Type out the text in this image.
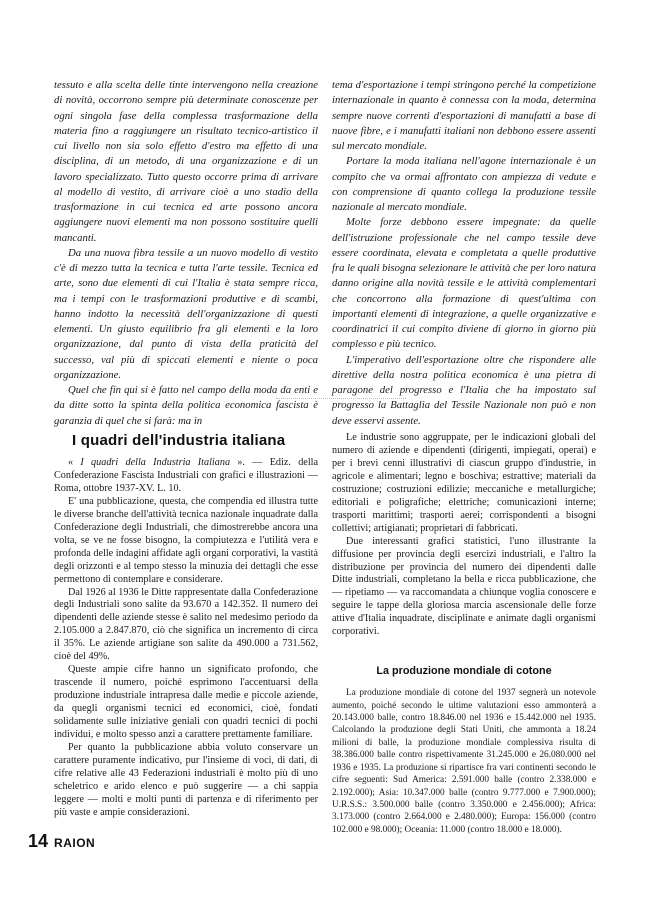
tessuto e alla scelta delle tinte intervengono nella creazione di novità, occorrono sempre più determinate conoscenze per ogni singola fase della complessa trasformazione della materia fino a raggiungere un risultato tecnico-artistico il cui livello non sia solo effetto d'estro ma effetto di una disciplina, di un metodo, di una organizzazione e di un lavoro specializzato. Tutto questo occorre prima di arrivare al modello di vestito, di arrivare cioè a uno stadio della trasformazione in cui tecnica ed arte possono ancora aggiungere nuovi elementi ma non possono sostituire quelli mancanti.

Da una nuova fibra tessile a un nuovo modello di vestito c'è di mezzo tutta la tecnica e tutta l'arte tessile. Tecnica ed arte, sono due elementi di cui l'Italia è stata sempre ricca, ma i tempi con le trasformazioni produttive e di scambi, hanno indotto la necessità dell'organizzazione di questi elementi. Un giusto equilibrio fra gli elementi e la loro organizzazione, dal punto di vista della praticità del successo, val più di spiccati elementi e niente o poca organizzazione.

Quel che fin qui si è fatto nel campo della moda da enti e da ditte sotto la spinta della politica economica fascista è garanzia di quel che si farà: ma in

tema d'esportazione i tempi stringono perché la competizione internazionale in quanto è connessa con la moda, determina sempre nuove correnti d'esportazioni di manufatti a base di nuove fibre, e i manufatti italiani non debbono essere assenti sul mercato mondiale.

Portare la moda italiana nell'agone internazionale è un compito che va ormai affrontato con ampiezza di vedute e con comprensione di quanto collega la produzione tessile nazionale al mercato mondiale.

Molte forze debbono essere impegnate: da quelle dell'istruzione professionale che nel campo tessile deve essere coordinata, elevata e completata a quelle produttive fra le quali bisogna selezionare le attività che per loro natura danno origine alla novità tessile e le attività complementari che concorrono alla formazione di quest'ultima con importanti elementi di integrazione, a quelle organizzative e coordinatrici il cui compito diviene di giorno in giorno più complesso e più tecnico.

L'imperativo dell'esportazione oltre che rispondere alle direttive della nostra politica economica è una pietra di paragone del progresso e l'Italia che ha impostato sul progresso la Battaglia del Tessile Nazionale non può e non deve esservi assente.

I quadri dell'industria italiana

« I quadri della Industria Italiana ». — Ediz. della Confederazione Fascista Industriali con grafici e illustrazioni — Roma, ottobre 1937-XV. L. 10.

E' una pubblicazione, questa, che compendia ed illustra tutte le diverse branche dell'attività tecnica nazionale inquadrate dalla Confederazione degli Industriali, che dimostrerebbe ancora una volta, se ve ne fosse bisogno, la compiutezza e l'utilità vera e profonda delle indagini affidate agli organi corporativi, la vastità degli orizzonti e al tempo stesso la minuzia dei dettagli che esse permettono di contemplare e considerare.

Dal 1926 al 1936 le Ditte rappresentate dalla Confederazione degli Industriali sono salite da 93.670 a 142.352. Il numero dei dipendenti delle aziende stesse è salito nel medesimo periodo da 2.105.000 a 2.847.870, ciò che significa un incremento di circa il 35%. Le aziende artigiane son salite da 490.000 a 731.562, cioè del 49%.

Queste ampie cifre hanno un significato profondo, che trascende il numero, poiché esprimono l'accentuarsi della produzione industriale intrapresa dalle medie e piccole aziende, da quegli organismi tecnici ed economici, cioè, fondati solidamente sulle iniziative geniali con quadri tecnici di pochi individui, e molto spesso anzi a carattere prettamente familiare.

Per quanto la pubblicazione abbia voluto conservare un carattere puramente indicativo, pur l'insieme di voci, di dati, di cifre relative alle 43 Federazioni industriali è molto più di uno scheletrico e arido elenco e può suggerire — a chi sappia leggere — molti e molti punti di partenza e di riferimento per più vaste e ampie considerazioni.

Le industrie sono aggruppate, per le indicazioni globali del numero di aziende e dipendenti (dirigenti, impiegati, operai) e per i brevi cenni illustrativi di ciascun gruppo d'industrie, in agricole e alimentari; legno e boschiva; estrattive; materiali da costruzione; costruzioni edilizie; meccaniche e metallurgiche; editoriali e poligrafiche; elettriche; comunicazioni interne; trasporti marittimi; trasporti aerei; corrispondenti a bisogni collettivi; artigianati; proprietari di fabbricati.

Due interessanti grafici statistici, l'uno illustrante la diffusione per provincia degli esercizi industriali, e l'altro la distribuzione per provincia del numero dei dipendenti dalle Ditte industriali, completano la bella e ricca pubblicazione, che — ripetiamo — va raccomandata a chiunque voglia conoscere e seguire le tappe della gloriosa marcia ascensionale delle forze attive d'Italia inquadrate, disciplinate e animate dagli organismi corporativi.

La produzione mondiale di cotone

La produzione mondiale di cotone del 1937 segnerà un notevole aumento, poiché secondo le ultime valutazioni esso ammonterà a 20.143.000 balle, contro 18.846.00 nel 1936 e 15.442.000 nel 1935. Calcolando la produzione degli Stati Uniti, che ammonta a 18.24 milioni di balle, la produzione mondiale complessiva risulta di 38.386.000 balle contro rispettivamente 31.245.000 e 26.080.000 nel 1936 e 1935. La produzione si ripartisce fra vari continenti secondo le cifre seguenti: Sud America: 2.591.000 balle (contro 2.338.000 e 2.192.000); Asia: 10.347.000 balle (contro 9.777.000 e 7.900.000); U.R.S.S.: 3.500.000 balle (contro 3.350.000 e 2.456.000); Africa: 3.173.000 (contro 2.664.000 e 2.480.000); Europa: 156.000 (contro 102.000 e 98.000); Oceania: 11.000 (contro 18.000 e 18.000).

14 RAION
